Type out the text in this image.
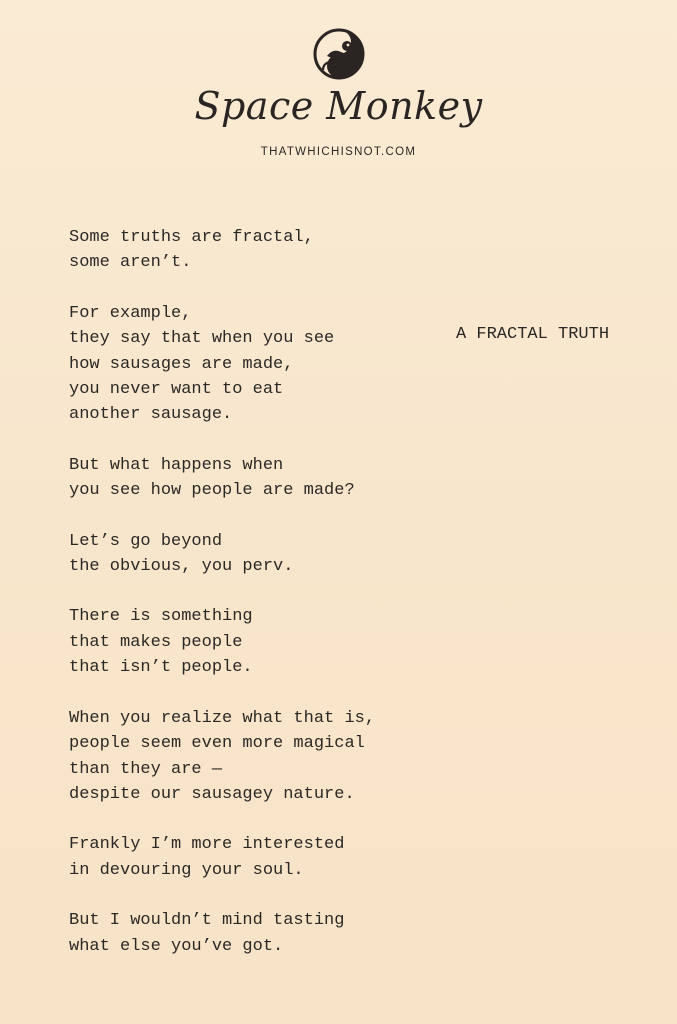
Space Monkey
THATWHICHISNOT.COM
A FRACTAL TRUTH
Some truths are fractal,
some aren’t.
For example,
they say that when you see
how sausages are made,
you never want to eat
another sausage.
But what happens when
you see how people are made?
Let’s go beyond
the obvious, you perv.
There is something
that makes people
that isn’t people.
When you realize what that is,
people seem even more magical
than they are —
despite our sausagey nature.
Frankly I’m more interested
in devouring your soul.
But I wouldn’t mind tasting
what else you’ve got.
